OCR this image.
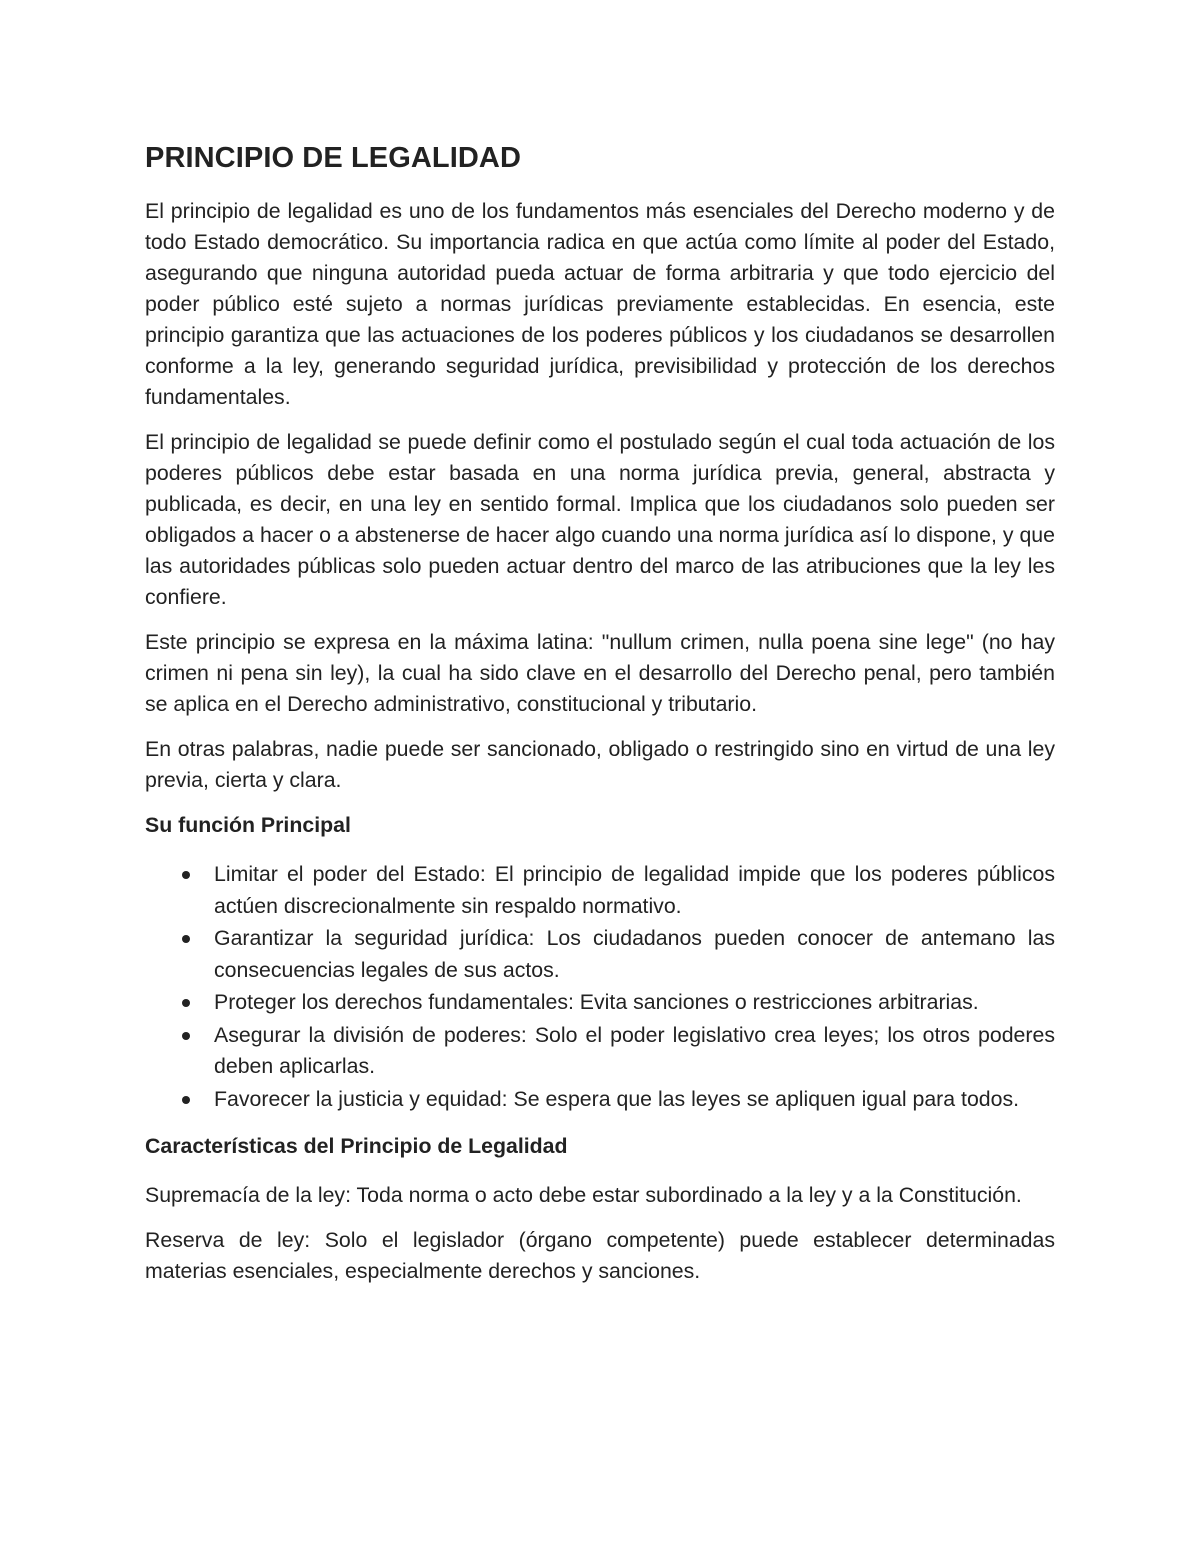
PRINCIPIO DE LEGALIDAD

El principio de legalidad es uno de los fundamentos más esenciales del Derecho moderno y de todo Estado democrático. Su importancia radica en que actúa como límite al poder del Estado, asegurando que ninguna autoridad pueda actuar de forma arbitraria y que todo ejercicio del poder público esté sujeto a normas jurídicas previamente establecidas. En esencia, este principio garantiza que las actuaciones de los poderes públicos y los ciudadanos se desarrollen conforme a la ley, generando seguridad jurídica, previsibilidad y protección de los derechos fundamentales.

El principio de legalidad se puede definir como el postulado según el cual toda actuación de los poderes públicos debe estar basada en una norma jurídica previa, general, abstracta y publicada, es decir, en una ley en sentido formal. Implica que los ciudadanos solo pueden ser obligados a hacer o a abstenerse de hacer algo cuando una norma jurídica así lo dispone, y que las autoridades públicas solo pueden actuar dentro del marco de las atribuciones que la ley les confiere.

Este principio se expresa en la máxima latina: "nullum crimen, nulla poena sine lege" (no hay crimen ni pena sin ley), la cual ha sido clave en el desarrollo del Derecho penal, pero también se aplica en el Derecho administrativo, constitucional y tributario.

En otras palabras, nadie puede ser sancionado, obligado o restringido sino en virtud de una ley previa, cierta y clara.

Su función Principal
Limitar el poder del Estado: El principio de legalidad impide que los poderes públicos actúen discrecionalmente sin respaldo normativo.
Garantizar la seguridad jurídica: Los ciudadanos pueden conocer de antemano las consecuencias legales de sus actos.
Proteger los derechos fundamentales: Evita sanciones o restricciones arbitrarias.
Asegurar la división de poderes: Solo el poder legislativo crea leyes; los otros poderes deben aplicarlas.
Favorecer la justicia y equidad: Se espera que las leyes se apliquen igual para todos.
Características del Principio de Legalidad

Supremacía de la ley: Toda norma o acto debe estar subordinado a la ley y a la Constitución.

Reserva de ley: Solo el legislador (órgano competente) puede establecer determinadas materias esenciales, especialmente derechos y sanciones.
